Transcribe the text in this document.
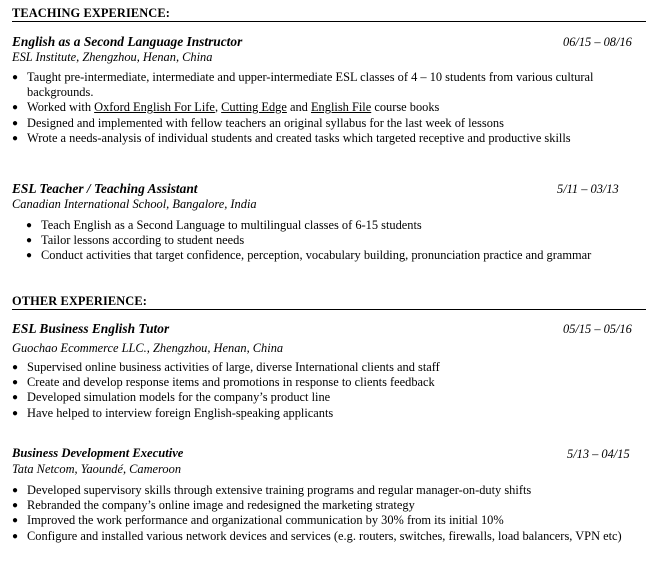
TEACHING EXPERIENCE:
English as a Second Language Instructor	06/15 – 08/16
ESL Institute, Zhengzhou, Henan, China
● Taught pre-intermediate, intermediate and upper-intermediate ESL classes of 4 – 10 students from various cultural
backgrounds.
● Worked with Oxford English For Life, Cutting Edge and English File course books
● Designed and implemented with fellow teachers an original syllabus for the last week of lessons
● Wrote a needs-analysis of individual students and created tasks which targeted receptive and productive skills
ESL Teacher / Teaching Assistant	5/11 – 03/13
Canadian International School, Bangalore, India
● Teach English as a Second Language to multilingual classes of 6-15 students
● Tailor lessons according to student needs
● Conduct activities that target confidence, perception, vocabulary building, pronunciation practice and grammar
OTHER EXPERIENCE:
ESL Business English Tutor	05/15 – 05/16
Guochao Ecommerce LLC., Zhengzhou, Henan, China
● Supervised online business activities of large, diverse International clients and staff
● Create and develop response items and promotions in response to clients feedback
● Developed simulation models for the company’s product line
● Have helped to interview foreign English-speaking applicants
Business Development Executive	5/13 – 04/15
Tata Netcom, Yaoundé, Cameroon
● Developed supervisory skills through extensive training programs and regular manager-on-duty shifts
● Rebranded the company’s online image and redesigned the marketing strategy
● Improved the work performance and organizational communication by 30% from its initial 10%
● Configure and installed various network devices and services (e.g. routers, switches, firewalls, load balancers, VPN etc)
